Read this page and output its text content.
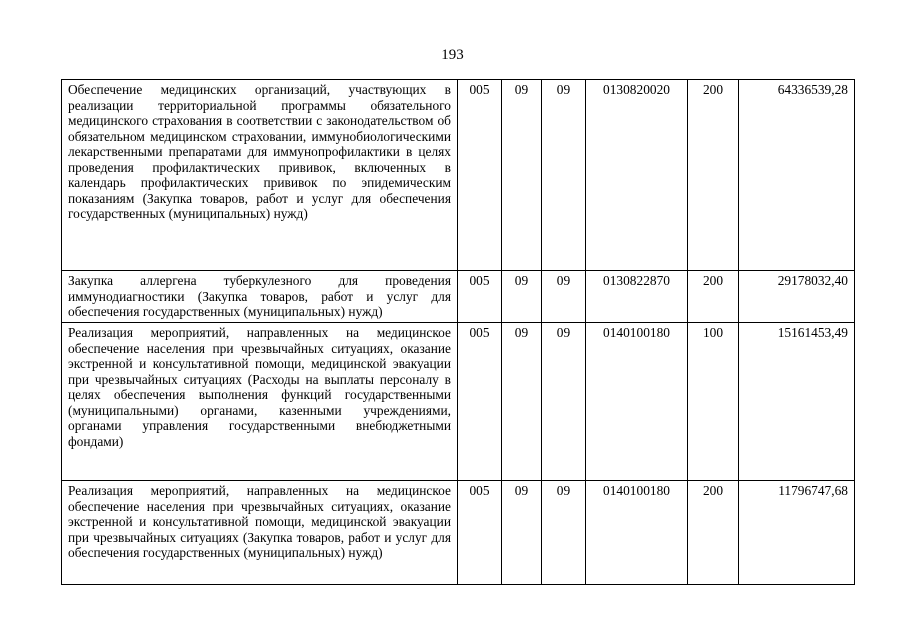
193
Обеспечение медицинских организаций, участвующих в реализации территориальной программы обязательного медицинского страхования в соответствии с законодательством об обязательном медицинском страховании, иммунобиологическими лекарственными препаратами для иммунопрофилактики в целях проведения профилактических прививок, включенных в календарь профилактических прививок по эпидемическим показаниям (Закупка товаров, работ и услуг для обеспечения государственных (муниципальных) нужд)	005	09	09	0130820020	200	64336539,28
Закупка аллергена туберкулезного для проведения иммунодиагностики (Закупка товаров, работ и услуг для обеспечения государственных (муниципальных) нужд)	005	09	09	0130822870	200	29178032,40
Реализация мероприятий, направленных на медицинское обеспечение населения при чрезвычайных ситуациях, оказание экстренной и консультативной помощи, медицинской эвакуации при чрезвычайных ситуациях (Расходы на выплаты персоналу в целях обеспечения выполнения функций государственными (муниципальными) органами, казенными учреждениями, органами управления государственными внебюджетными фондами)	005	09	09	0140100180	100	15161453,49
Реализация мероприятий, направленных на медицинское обеспечение населения при чрезвычайных ситуациях, оказание экстренной и консультативной помощи, медицинской эвакуации при чрезвычайных ситуациях (Закупка товаров, работ и услуг для обеспечения государственных (муниципальных) нужд)	005	09	09	0140100180	200	11796747,68
